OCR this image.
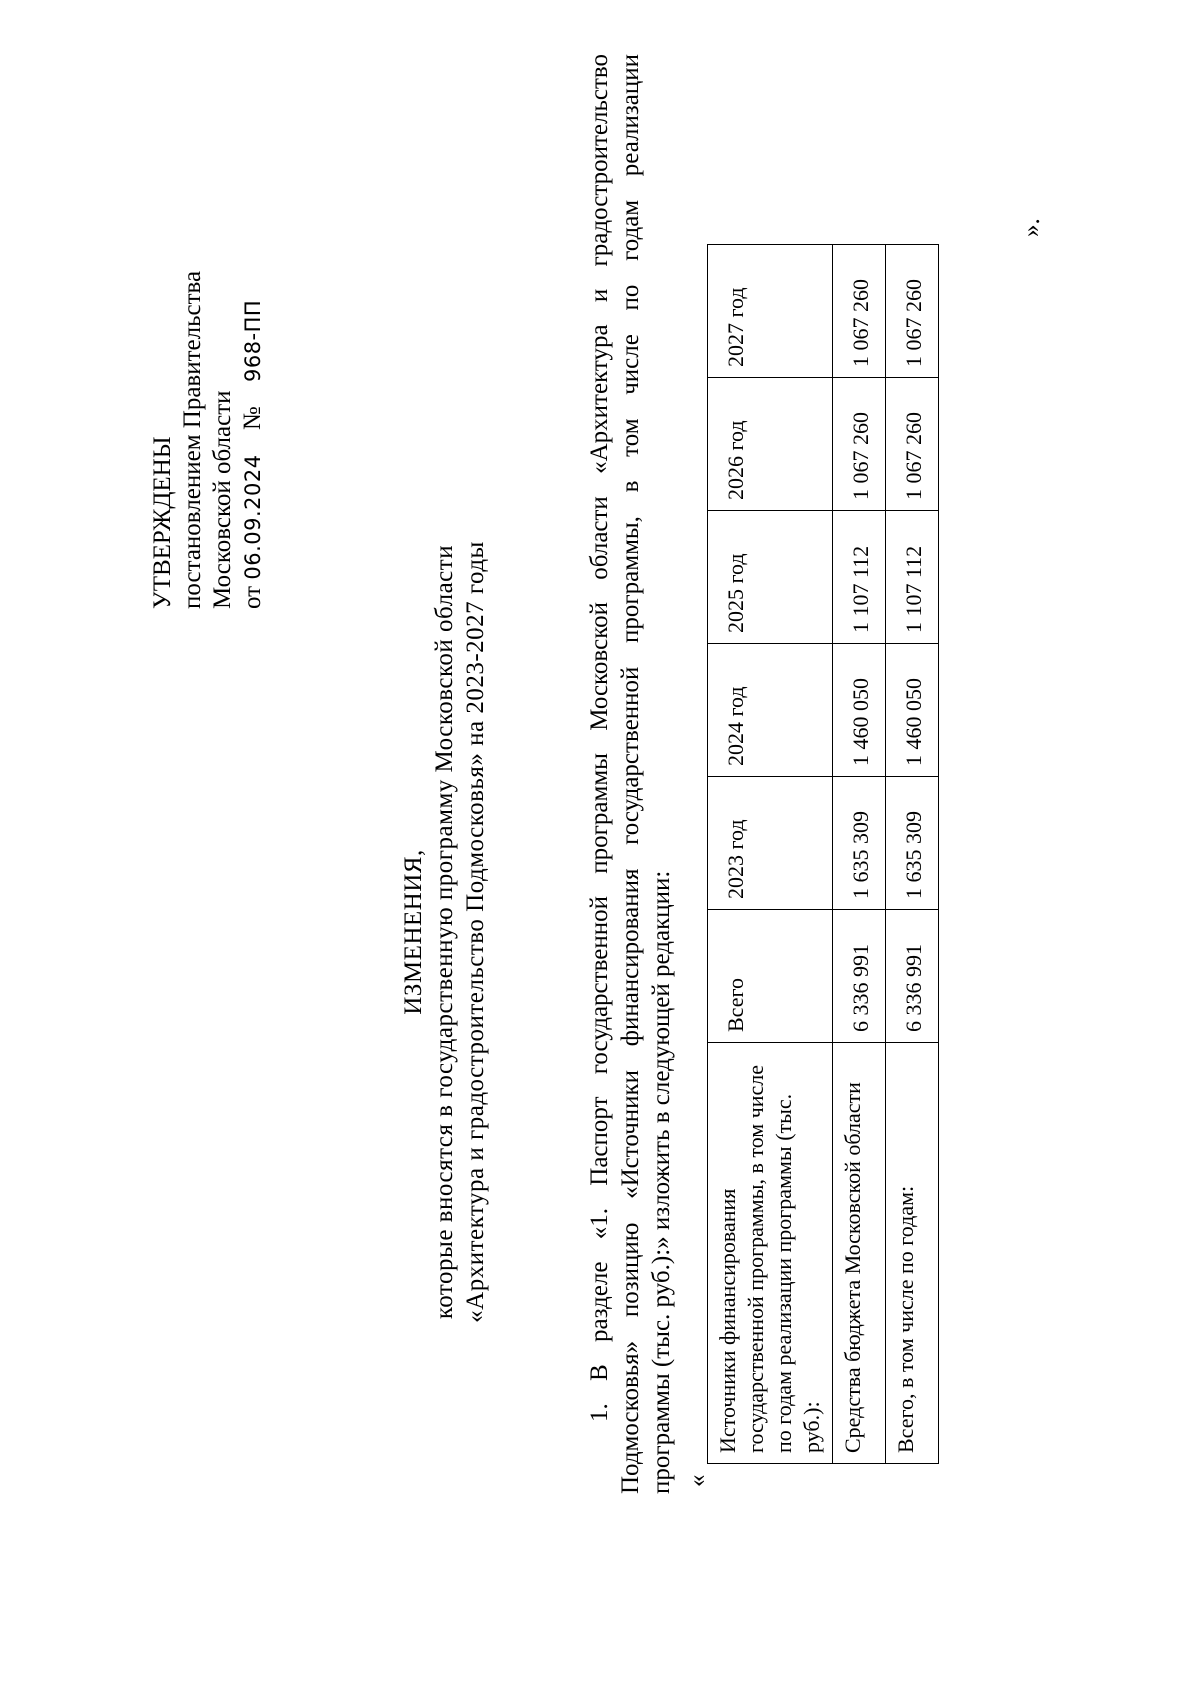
УТВЕРЖДЕНЫ постановлением Правительства Московской области от 06.09.2024 № 968-ПП
ИЗМЕНЕНИЯ, которые вносятся в государственную программу Московской области «Архитектура и градостроительство Подмосковья» на 2023-2027 годы	1. В разделе «1. Паспорт государственной программы Московской области «Архитектура и градостроительство Подмосковья» позицию «Источники финансирования государственной программы, в том числе по годам реализации программы (тыс. руб.):» изложить в следующей редакции: «
Источники финансирования государственной программы, в том числе по годам реализации программы (тыс. руб.):	Всего	2023 год	2024 год	2025 год	2026 год	2027 год
Средства бюджета Московской области	6 336 991	1 635 309	1 460 050	1 107 112	1 067 260	1 067 260
Всего, в том числе по годам:	6 336 991	1 635 309	1 460 050	1 107 112	1 067 260	1 067 260
».
